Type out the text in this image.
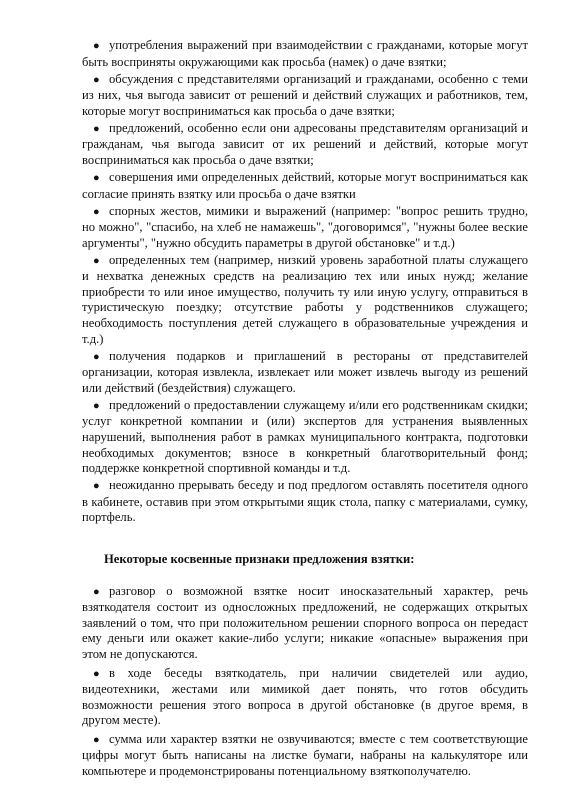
● употребления выражений при взаимодействии с гражданами, которые могут быть восприняты окружающими как просьба (намек) о даче взятки;

● обсуждения с представителями организаций и гражданами, особенно с теми из них, чья выгода зависит от решений и действий служащих и работников, тем, которые могут восприниматься как просьба о даче взятки;

● предложений, особенно если они адресованы представителям организаций и гражданам, чья выгода зависит от их решений и действий, которые могут восприниматься как просьба о даче взятки;

● совершения ими определенных действий, которые могут восприниматься как согласие принять взятку или просьба о даче взятки

● спорных жестов, мимики и выражений (например: "вопрос решить трудно, но можно", "спасибо, на хлеб не намажешь", "договоримся", "нужны более веские аргументы", "нужно обсудить параметры в другой обстановке" и т.д.)

● определенных тем (например, низкий уровень заработной платы служащего и нехватка денежных средств на реализацию тех или иных нужд; желание приобрести то или иное имущество, получить ту или иную услугу, отправиться в туристическую поездку; отсутствие работы у родственников служащего; необходимость поступления детей служащего в образовательные учреждения и т.д.)

● получения подарков и приглашений в рестораны от представителей организации, которая извлекла, извлекает или может извлечь выгоду из решений или действий (бездействия) служащего.

● предложений о предоставлении служащему и/или его родственникам скидки; услуг конкретной компании и (или) экспертов для устранения выявленных нарушений, выполнения работ в рамках муниципального контракта, подготовки необходимых документов; взносе в конкретный благотворительный фонд; поддержке конкретной спортивной команды и т.д.

● неожиданно прерывать беседу и под предлогом оставлять посетителя одного в кабинете, оставив при этом открытыми ящик стола, папку с материалами, сумку, портфель.

Некоторые косвенные признаки предложения взятки:

● разговор о возможной взятке носит иносказательный характер, речь взяткодателя состоит из односложных предложений, не содержащих открытых заявлений о том, что при положительном решении спорного вопроса он передаст ему деньги или окажет какие-либо услуги; никакие «опасные» выражения при этом не допускаются.

● в ходе беседы взяткодатель, при наличии свидетелей или аудио, видеотехники, жестами или мимикой дает понять, что готов обсудить возможности решения этого вопроса в другой обстановке (в другое время, в другом месте).

● сумма или характер взятки не озвучиваются; вместе с тем соответствующие цифры могут быть написаны на листке бумаги, набраны на калькуляторе или компьютере и продемонстрированы потенциальному взяткополучателю.
